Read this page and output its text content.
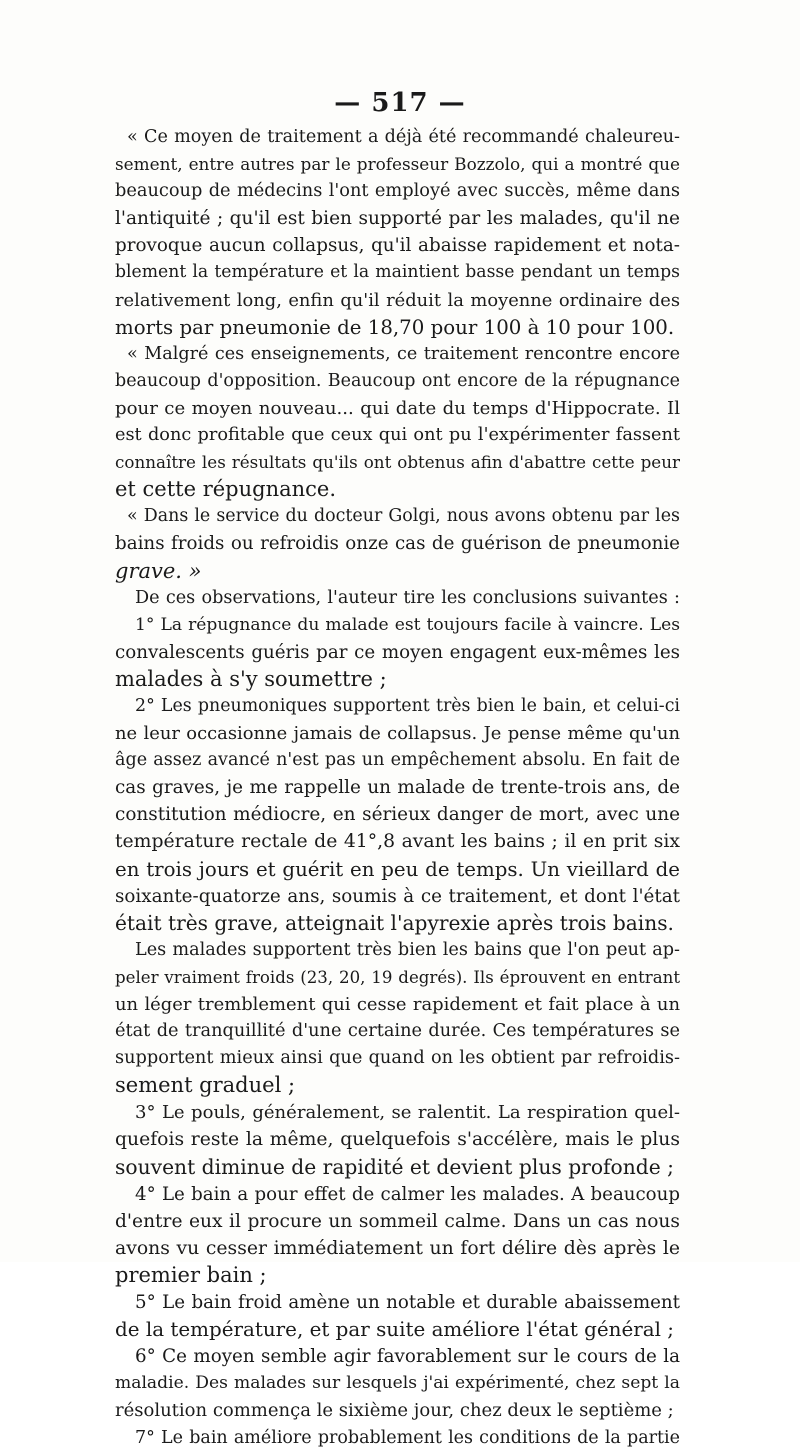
— 517 —
« Ce moyen de traitement a déjà été recommandé chaleureu-
sement, entre autres par le professeur Bozzolo, qui a montré que
beaucoup de médecins l'ont employé avec succès, même dans
l'antiquité ; qu'il est bien supporté par les malades, qu'il ne
provoque aucun collapsus, qu'il abaisse rapidement et nota-
blement la température et la maintient basse pendant un temps
relativement long, enfin qu'il réduit la moyenne ordinaire des
morts par pneumonie de 18,70 pour 100 à 10 pour 100.
« Malgré ces enseignements, ce traitement rencontre encore
beaucoup d'opposition. Beaucoup ont encore de la répugnance
pour ce moyen nouveau... qui date du temps d'Hippocrate. Il
est donc profitable que ceux qui ont pu l'expérimenter fassent
connaître les résultats qu'ils ont obtenus afin d'abattre cette peur
et cette répugnance.
« Dans le service du docteur Golgi, nous avons obtenu par les
bains froids ou refroidis onze cas de guérison de pneumonie
grave. »
De ces observations, l'auteur tire les conclusions suivantes :
1° La répugnance du malade est toujours facile à vaincre. Les
convalescents guéris par ce moyen engagent eux-mêmes les
malades à s'y soumettre ;
2° Les pneumoniques supportent très bien le bain, et celui-ci
ne leur occasionne jamais de collapsus. Je pense même qu'un
âge assez avancé n'est pas un empêchement absolu. En fait de
cas graves, je me rappelle un malade de trente-trois ans, de
constitution médiocre, en sérieux danger de mort, avec une
température rectale de 41°,8 avant les bains ; il en prit six
en trois jours et guérit en peu de temps. Un vieillard de
soixante-quatorze ans, soumis à ce traitement, et dont l'état
était très grave, atteignait l'apyrexie après trois bains.
Les malades supportent très bien les bains que l'on peut ap-
peler vraiment froids (23, 20, 19 degrés). Ils éprouvent en entrant
un léger tremblement qui cesse rapidement et fait place à un
état de tranquillité d'une certaine durée. Ces températures se
supportent mieux ainsi que quand on les obtient par refroidis-
sement graduel ;
3° Le pouls, généralement, se ralentit. La respiration quel-
quefois reste la même, quelquefois s'accélère, mais le plus
souvent diminue de rapidité et devient plus profonde ;
4° Le bain a pour effet de calmer les malades. A beaucoup
d'entre eux il procure un sommeil calme. Dans un cas nous
avons vu cesser immédiatement un fort délire dès après le
premier bain ;
5° Le bain froid amène un notable et durable abaissement
de la température, et par suite améliore l'état général ;
6° Ce moyen semble agir favorablement sur le cours de la
maladie. Des malades sur lesquels j'ai expérimenté, chez sept la
résolution commença le sixième jour, chez deux le septième ;
7° Le bain améliore probablement les conditions de la partie
